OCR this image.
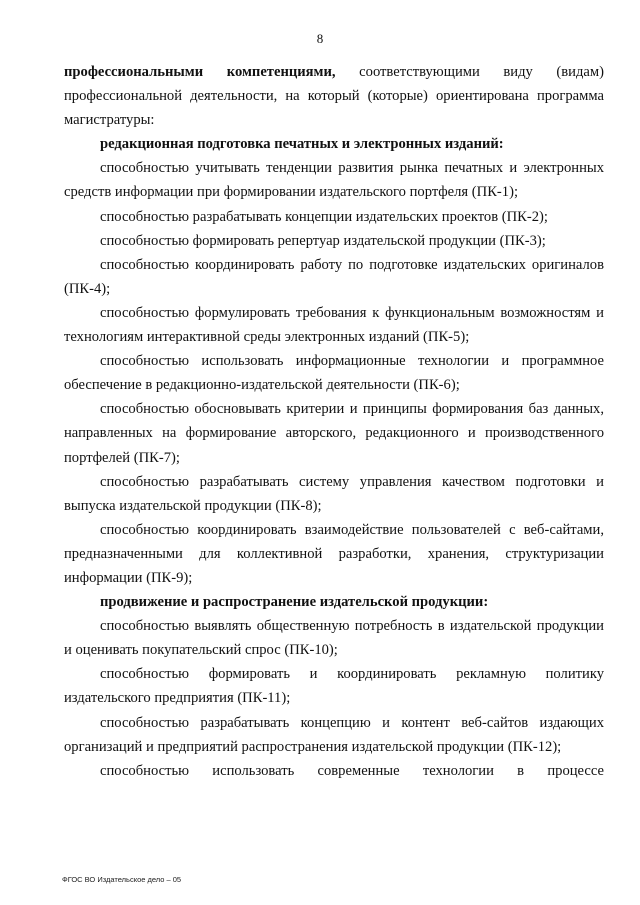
8

профессиональными компетенциями, соответствующими виду (видам) профессиональной деятельности, на который (которые) ориентирована программа магистратуры:

редакционная подготовка печатных и электронных изданий:

способностью учитывать тенденции развития рынка печатных и электронных средств информации при формировании издательского портфеля (ПК-1);

способностью разрабатывать концепции издательских проектов (ПК-2);

способностью формировать репертуар издательской продукции (ПК-3);

способностью координировать работу по подготовке издательских оригиналов (ПК-4);

способностью формулировать требования к функциональным возможностям и технологиям интерактивной среды электронных изданий (ПК-5);

способностью использовать информационные технологии и программное обеспечение в редакционно-издательской деятельности (ПК-6);

способностью обосновывать критерии и принципы формирования баз данных, направленных на формирование авторского, редакционного и производственного портфелей (ПК-7);

способностью разрабатывать систему управления качеством подготовки и выпуска издательской продукции (ПК-8);

способностью координировать взаимодействие пользователей с веб-сайтами, предназначенными для коллективной разработки, хранения, структуризации информации (ПК-9);

продвижение и распространение издательской продукции:

способностью выявлять общественную потребность в издательской продукции и оценивать покупательский спрос (ПК-10);

способностью формировать и координировать рекламную политику издательского предприятия (ПК-11);

способностью разрабатывать концепцию и контент веб-сайтов издающих организаций и предприятий распространения издательской продукции (ПК-12);

способностью использовать современные технологии в процессе

ФГОС ВО Издательское дело – 05
